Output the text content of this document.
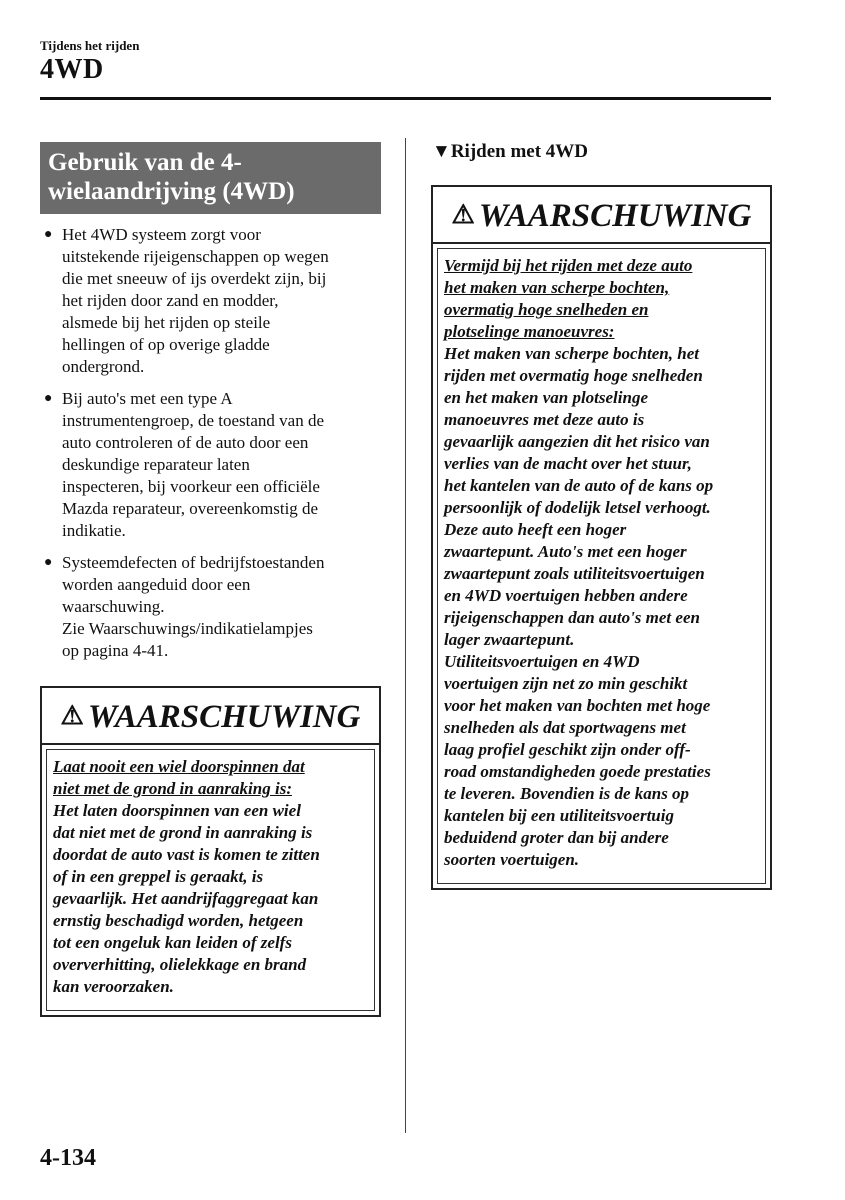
Tijdens het rijden
4WD
Gebruik van de 4-
wielaandrijving (4WD)
● Het 4WD systeem zorgt voor
uitstekende rijeigenschappen op wegen
die met sneeuw of ijs overdekt zijn, bij
het rijden door zand en modder,
alsmede bij het rijden op steile
hellingen of op overige gladde
ondergrond.
● Bij auto's met een type A
instrumentengroep, de toestand van de
auto controleren of de auto door een
deskundige reparateur laten
inspecteren, bij voorkeur een officiële
Mazda reparateur, overeenkomstig de
indikatie.
● Systeemdefecten of bedrijfstoestanden
worden aangeduid door een
waarschuwing.
Zie Waarschuwings/indikatielampjes
op pagina 4-41.
⚠ WAARSCHUWING
Laat nooit een wiel doorspinnen dat
niet met de grond in aanraking is:
Het laten doorspinnen van een wiel
dat niet met de grond in aanraking is
doordat de auto vast is komen te zitten
of in een greppel is geraakt, is
gevaarlijk. Het aandrijfaggregaat kan
ernstig beschadigd worden, hetgeen
tot een ongeluk kan leiden of zelfs
oververhitting, olielekkage en brand
kan veroorzaken.
▼Rijden met 4WD
⚠ WAARSCHUWING
Vermijd bij het rijden met deze auto
het maken van scherpe bochten,
overmatig hoge snelheden en
plotselinge manoeuvres:
Het maken van scherpe bochten, het
rijden met overmatig hoge snelheden
en het maken van plotselinge
manoeuvres met deze auto is
gevaarlijk aangezien dit het risico van
verlies van de macht over het stuur,
het kantelen van de auto of de kans op
persoonlijk of dodelijk letsel verhoogt.
Deze auto heeft een hoger
zwaartepunt. Auto's met een hoger
zwaartepunt zoals utiliteitsvoertuigen
en 4WD voertuigen hebben andere
rijeigenschappen dan auto's met een
lager zwaartepunt.
Utiliteitsvoertuigen en 4WD
voertuigen zijn net zo min geschikt
voor het maken van bochten met hoge
snelheden als dat sportwagens met
laag profiel geschikt zijn onder off-
road omstandigheden goede prestaties
te leveren. Bovendien is de kans op
kantelen bij een utiliteitsvoertuig
beduidend groter dan bij andere
soorten voertuigen.
4-134
